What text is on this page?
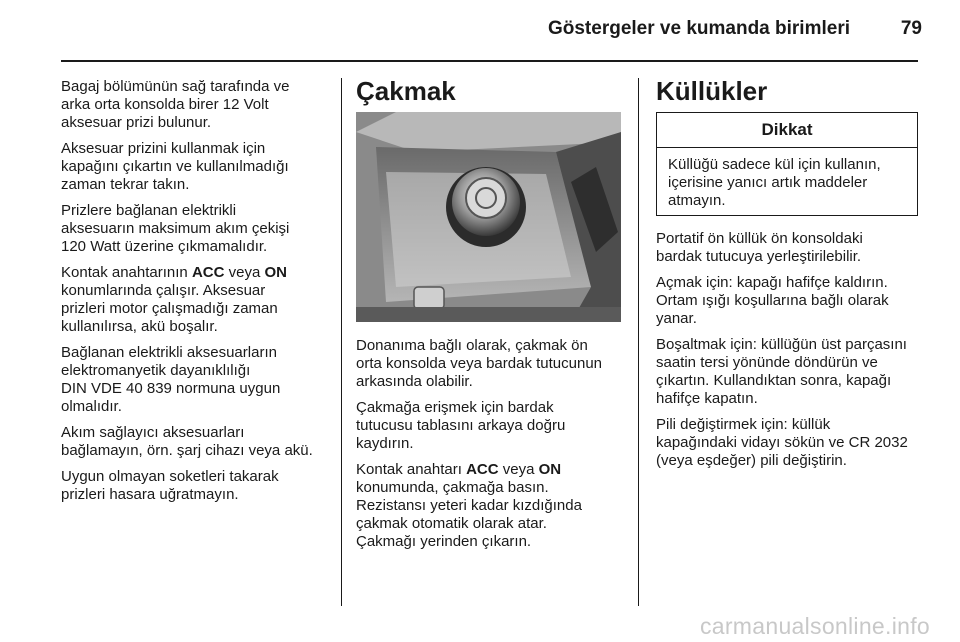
Göstergeler ve kumanda birimleri	79

Bagaj bölümünün sağ tarafında ve
arka orta konsolda birer 12 Volt
aksesuar prizi bulunur.

Aksesuar prizini kullanmak için
kapağını çıkartın ve kullanılmadığı
zaman tekrar takın.

Prizlere bağlanan elektrikli
aksesuarın maksimum akım çekişi
120 Watt üzerine çıkmamalıdır.

Kontak anahtarının ACC veya ON
konumlarında çalışır. Aksesuar
prizleri motor çalışmadığı zaman
kullanılırsa, akü boşalır.

Bağlanan elektrikli aksesuarların
elektromanyetik dayanıklılığı
DIN VDE 40 839 normuna uygun
olmalıdır.

Akım sağlayıcı aksesuarları
bağlamayın, örn. şarj cihazı veya akü.

Uygun olmayan soketleri takarak
prizleri hasara uğratmayın.

Çakmak

Donanıma bağlı olarak, çakmak ön
orta konsolda veya bardak tutucunun
arkasında olabilir.

Çakmağa erişmek için bardak
tutucusu tablasını arkaya doğru
kaydırın.

Kontak anahtarı ACC veya ON
konumunda, çakmağa basın.
Rezistansı yeteri kadar kızdığında
çakmak otomatik olarak atar.
Çakmağı yerinden çıkarın.

Küllükler
Dikkat
Küllüğü sadece kül için kullanın,
içerisine yanıcı artık maddeler
atmayın.

Portatif ön küllük ön konsoldaki
bardak tutucuya yerleştirilebilir.

Açmak için: kapağı hafifçe kaldırın.
Ortam ışığı koşullarına bağlı olarak
yanar.

Boşaltmak için: küllüğün üst parçasını
saatin tersi yönünde döndürün ve
çıkartın. Kullandıktan sonra, kapağı
hafifçe kapatın.

Pili değiştirmek için: küllük
kapağındaki vidayı sökün ve CR 2032
(veya eşdeğer) pili değiştirin.

carmanualsonline.info
